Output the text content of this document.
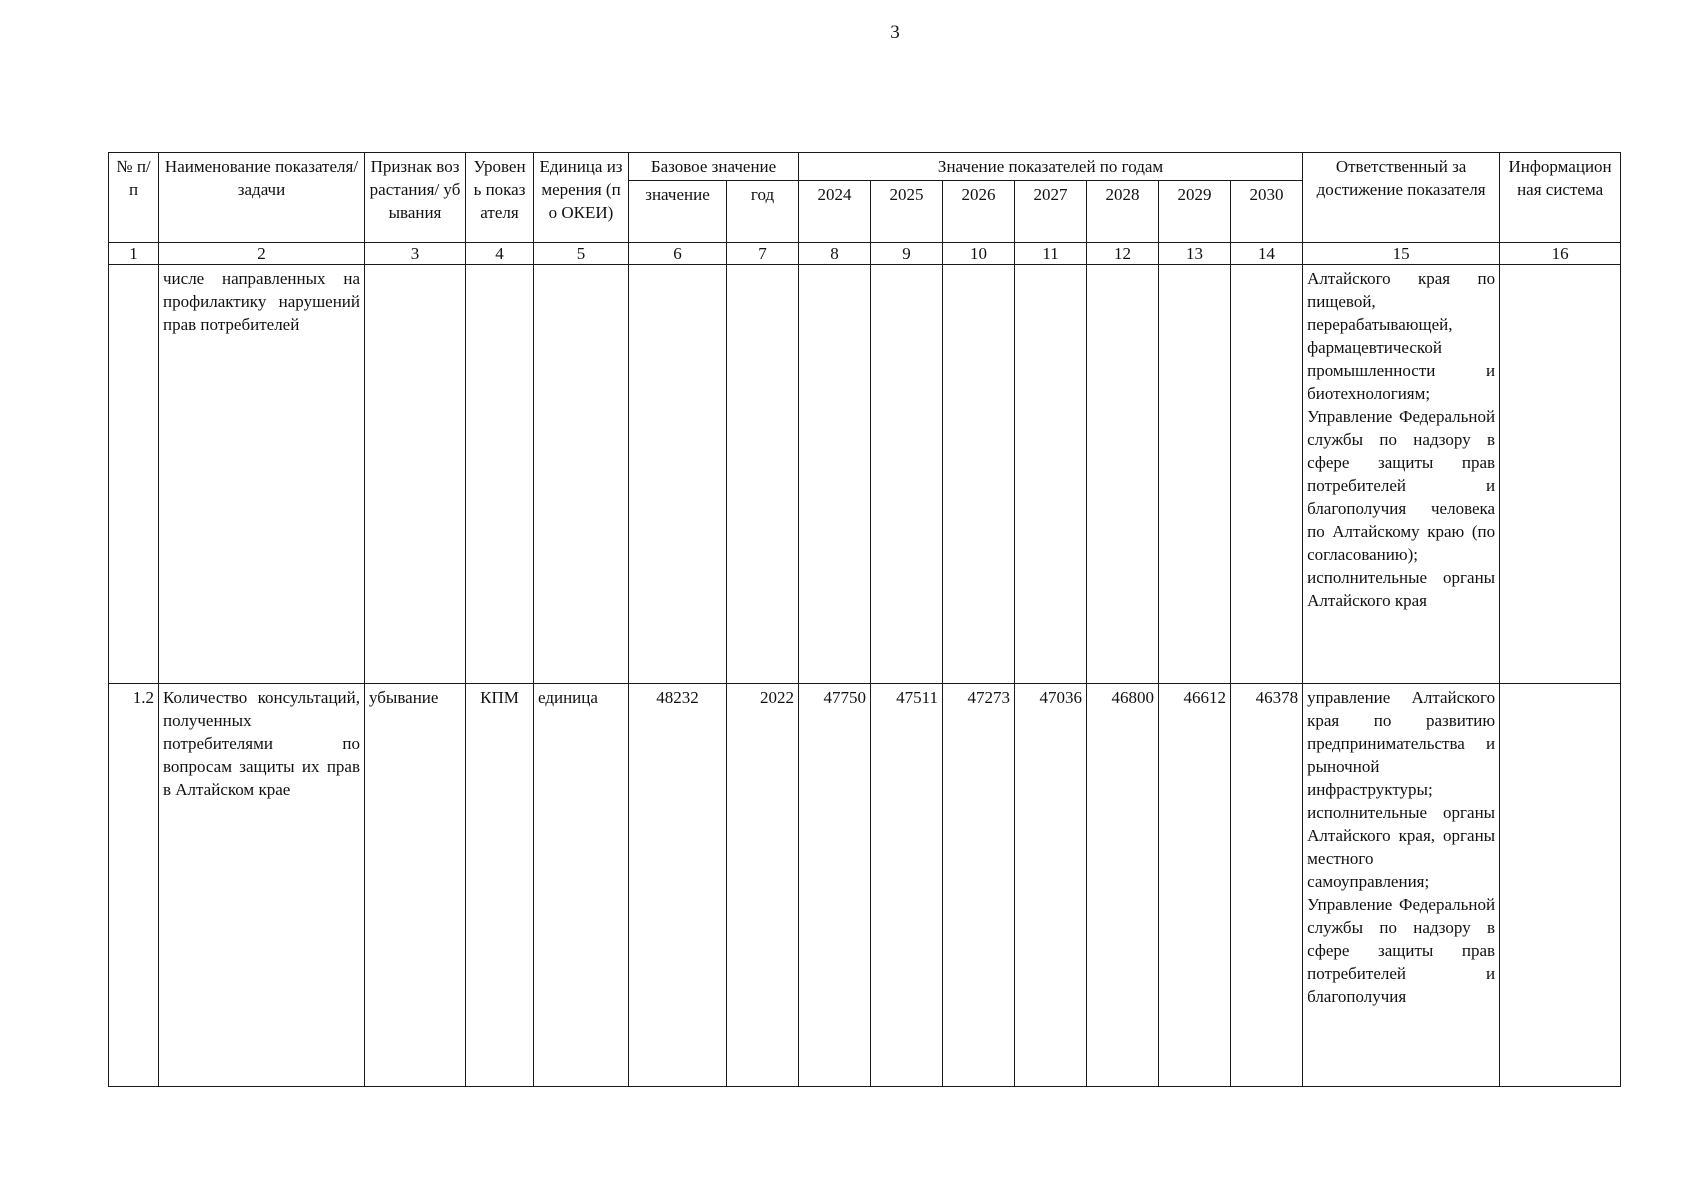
3
№ п/п	Наименование показателя/задачи	Признак возрастания/ убывания	Уровень показателя	Единица измерения (по ОКЕИ)	Базовое значение		Значение показателей по годам							Ответственный за достижение показателя	Информационная система
					значение	год	2024	2025	2026	2027	2028	2029	2030		
1	2	3	4	5	6	7	8	9	10	11	12	13	14	15	16
	числе направленных на профилактику нарушений прав потребителей													Алтайского края по пищевой, перерабатывающей, фармацевтической промышленности и биотехнологиям; Управление Федеральной службы по надзору в сфере защиты прав потребителей и благополучия человека по Алтайскому краю (по согласованию); исполнительные органы Алтайского края	
1.2	Количество консультаций, полученных потребителями по вопросам защиты их прав в Алтайском крае	убывание	КПМ	единица	48232	2022	47750	47511	47273	47036	46800	46612	46378	управление Алтайского края по развитию предпринимательства и рыночной инфраструктуры; исполнительные органы Алтайского края, органы местного самоуправления; Управление Федеральной службы по надзору в сфере защиты прав потребителей и благополучия	
